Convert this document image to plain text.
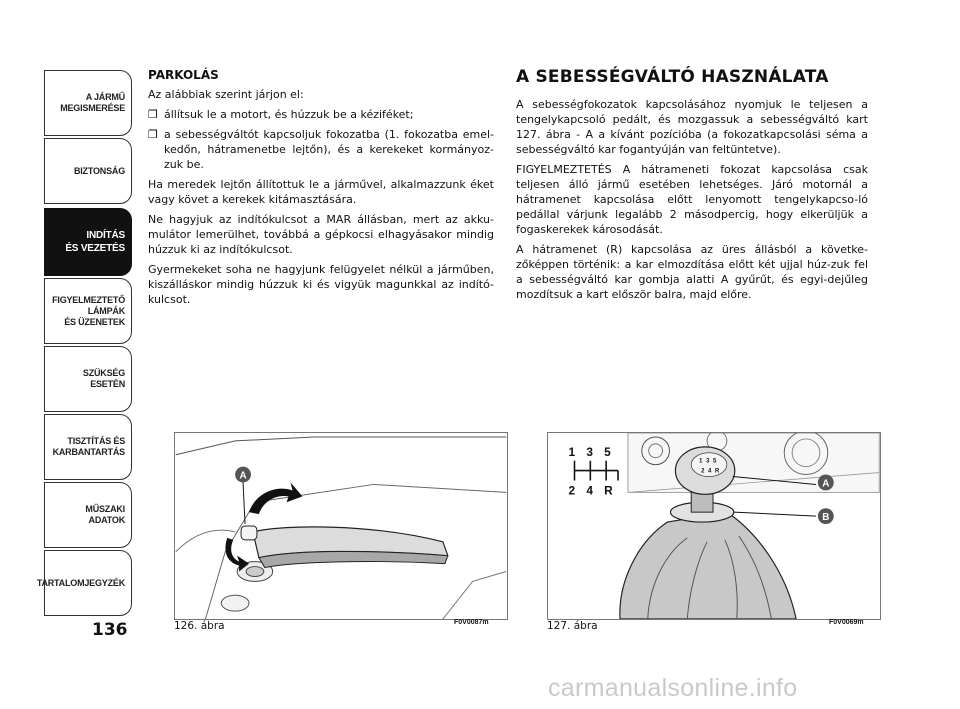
A JÁRMŰ
MEGISMERÉSE
BIZTONSÁG
INDÍTÁS
ÉS VEZETÉS
FIGYELMEZTETŐ
LÁMPÁK
ÉS ÜZENETEK
SZÜKSÉG
ESETÉN
TISZTÍTÁS ÉS
KARBANTARTÁS
MŰSZAKI
ADATOK
TARTALOMJEGYZÉK
136
PARKOLÁS

Az alábbiak szerint járjon el:

❒ állítsuk le a motort, és húzzuk be a kéziféket;
❒ a sebességváltót kapcsoljuk fokozatba (1. fokozatba emel-kedőn, hátramenetbe lejtőn), és a kerekeket kormányoz-zuk be.

Ha meredek lejtőn állítottuk le a járművel, alkalmazzunk éket vagy követ a kerekek kitámasztására.

Ne hagyjuk az indítókulcsot a MAR állásban, mert az akku-mulátor lemerülhet, továbbá a gépkocsi elhagyásakor mindig húzzuk ki az indítókulcsot.

Gyermekeket soha ne hagyjunk felügyelet nélkül a járműben, kiszálláskor mindig húzzuk ki és vigyük magunkkal az indító-kulcsot.

A SEBESSÉGVÁLTÓ HASZNÁLATA

A sebességfokozatok kapcsolásához nyomjuk le teljesen a tengelykapcsoló pedált, és mozgassuk a sebességváltó kart 127. ábra - A a kívánt pozícióba (a fokozatkapcsolási séma a sebességváltó kar fogantyúján van feltüntetve).

FIGYELMEZTETÉS A hátrameneti fokozat kapcsolása csak teljesen álló jármű esetében lehetséges. Járó motornál a hátramenet kapcsolása előtt lenyomott tengelykapcso-ló pedállal várjunk legalább 2 másodpercig, hogy elkerüljük a fogaskerekek károsodását.

A hátramenet (R) kapcsolása az üres állásból a követke-zőképpen történik: a kar elmozdítása előtt két ujjal húz-zuk fel a sebességváltó kar gombja alatti A gyűrűt, és egyi-dejűleg mozdítsuk a kart először balra, majd előre.

A
126. ábra	F0V0087m
1 3 5
2 4 R
1 3 5
2 4 R
A
B
127. ábra	F0V0069m
carmanualsonline.info
